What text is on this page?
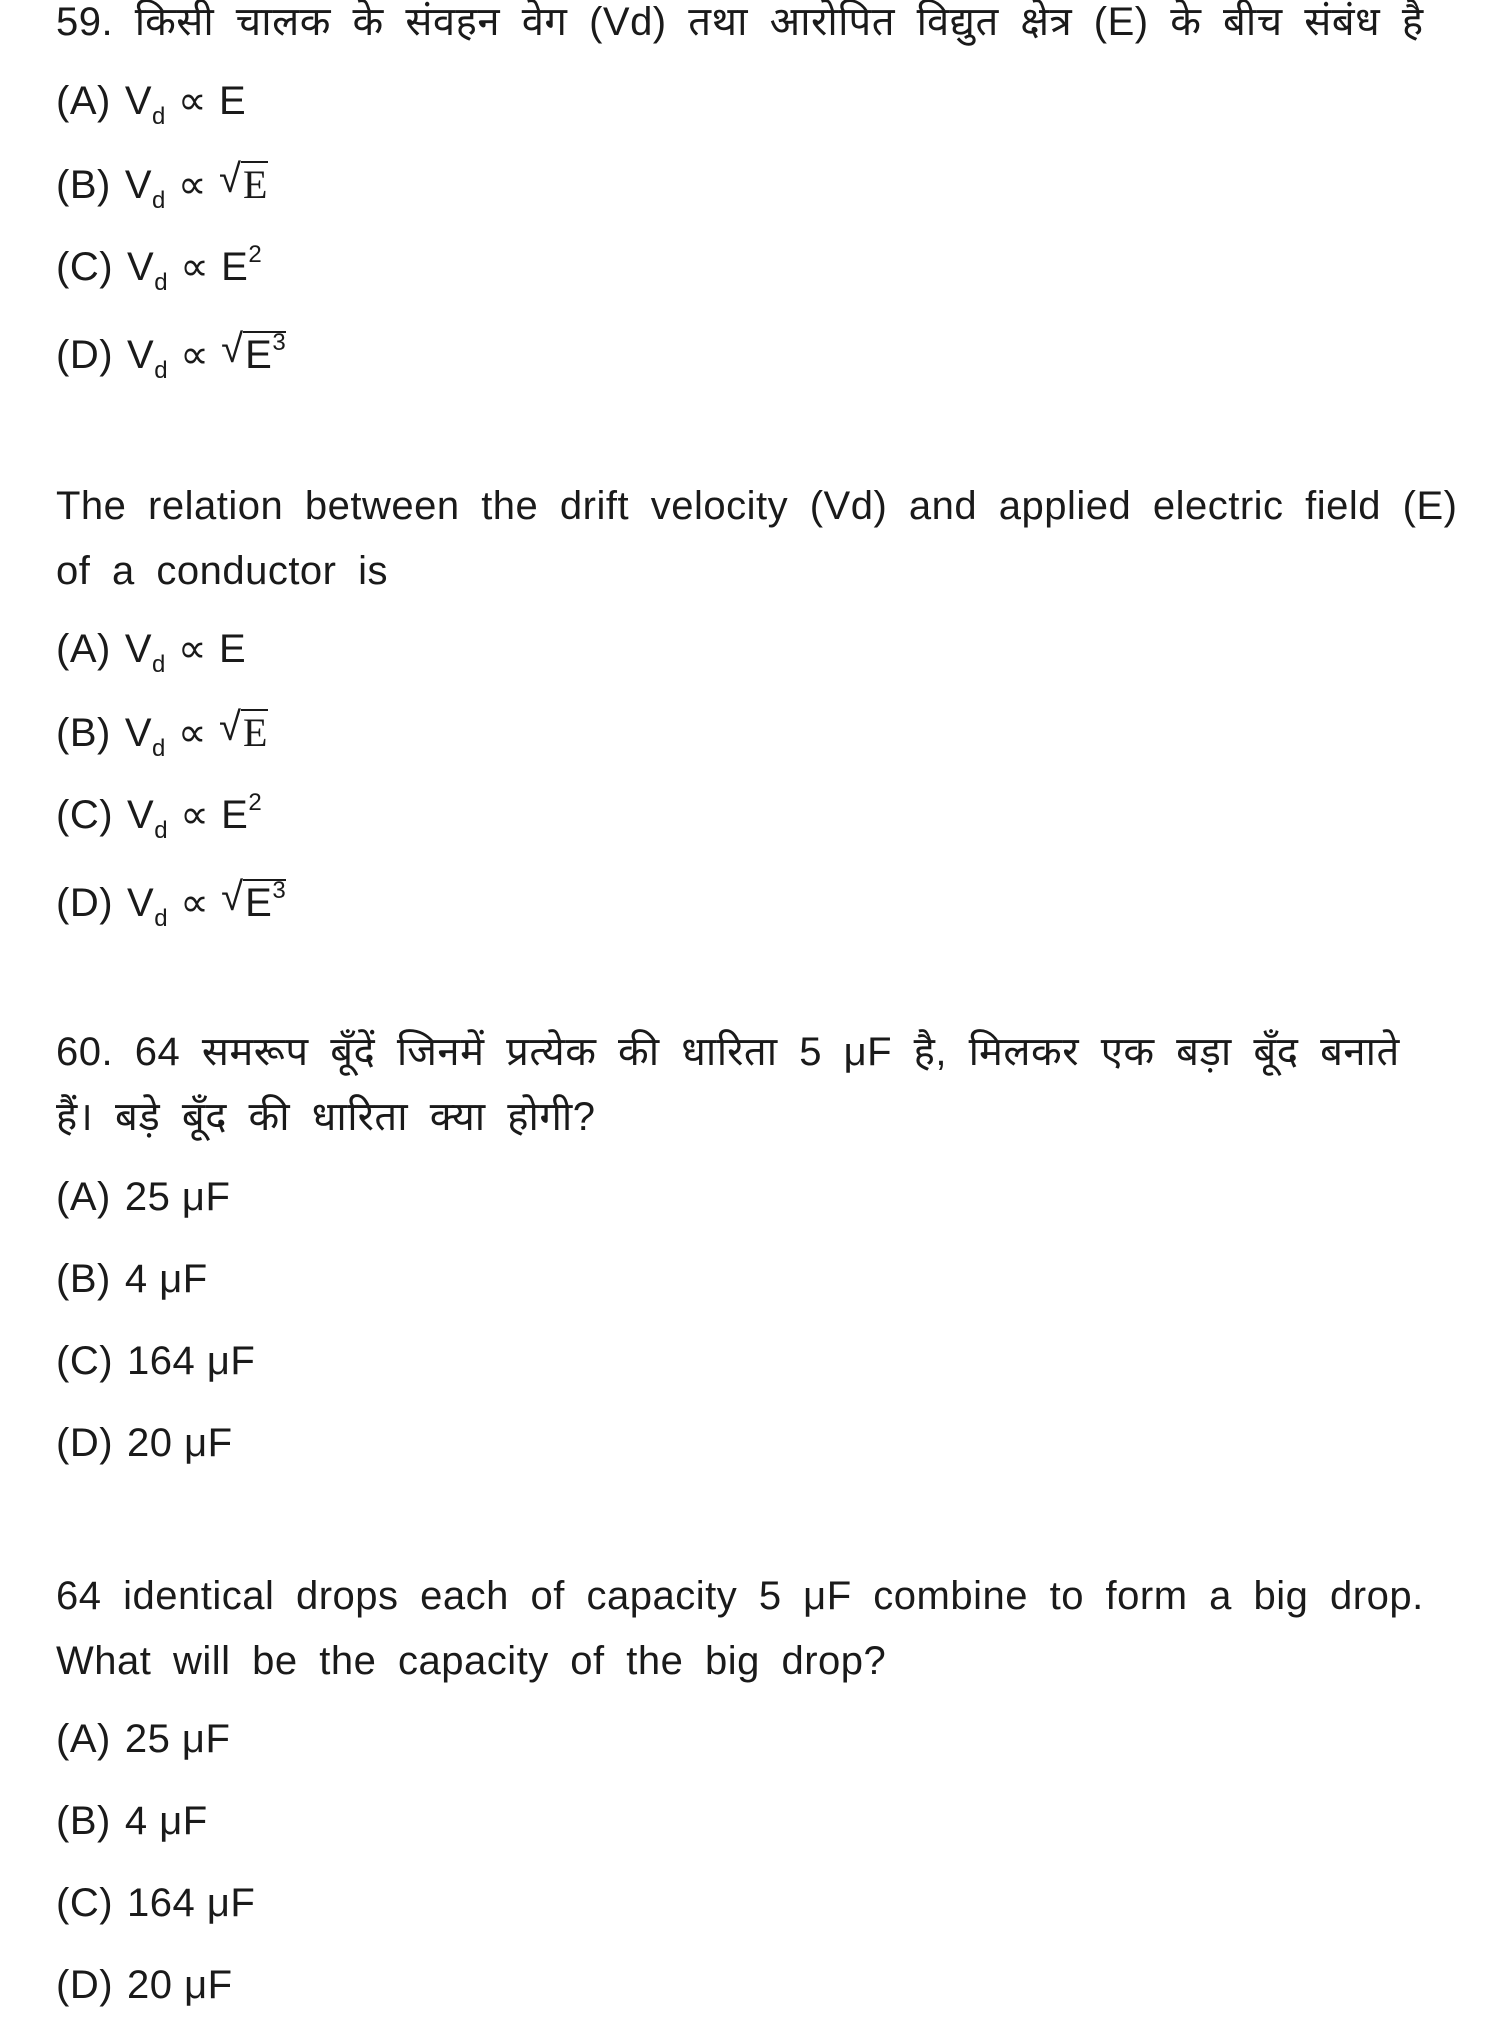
59. किसी चालक के संवहन वेग (Vd) तथा आरोपित विद्युत क्षेत्र (E) के बीच संबंध है
(A) $V_d \propto E$
(B) $V_d$ ∝ √ E
(C) $V_d \propto E^2$
(D) $V_d$ ∝ √ $E^3$
The relation between the drift velocity (Vd) and applied electric field (E)
of a conductor is
(A) $V_d \propto E$
(B) $V_d$ ∝ √ E
(C) $V_d \propto E^2$
(D) $V_d$ ∝ √ $E^3$
60. 64 समरूप बूँदें जिनमें प्रत्येक की धारिता 5 μF है, मिलकर एक बड़ा बूँद बनाते
हैं। बड़े बूँद की धारिता क्या होगी?
(A) 25 μF
(B) 4 μF
(C) 164 μF
(D) 20 μF
64 identical drops each of capacity 5 μF combine to form a big drop.
What will be the capacity of the big drop?
(A) 25 μF
(B) 4 μF
(C) 164 μF
(D) 20 μF
